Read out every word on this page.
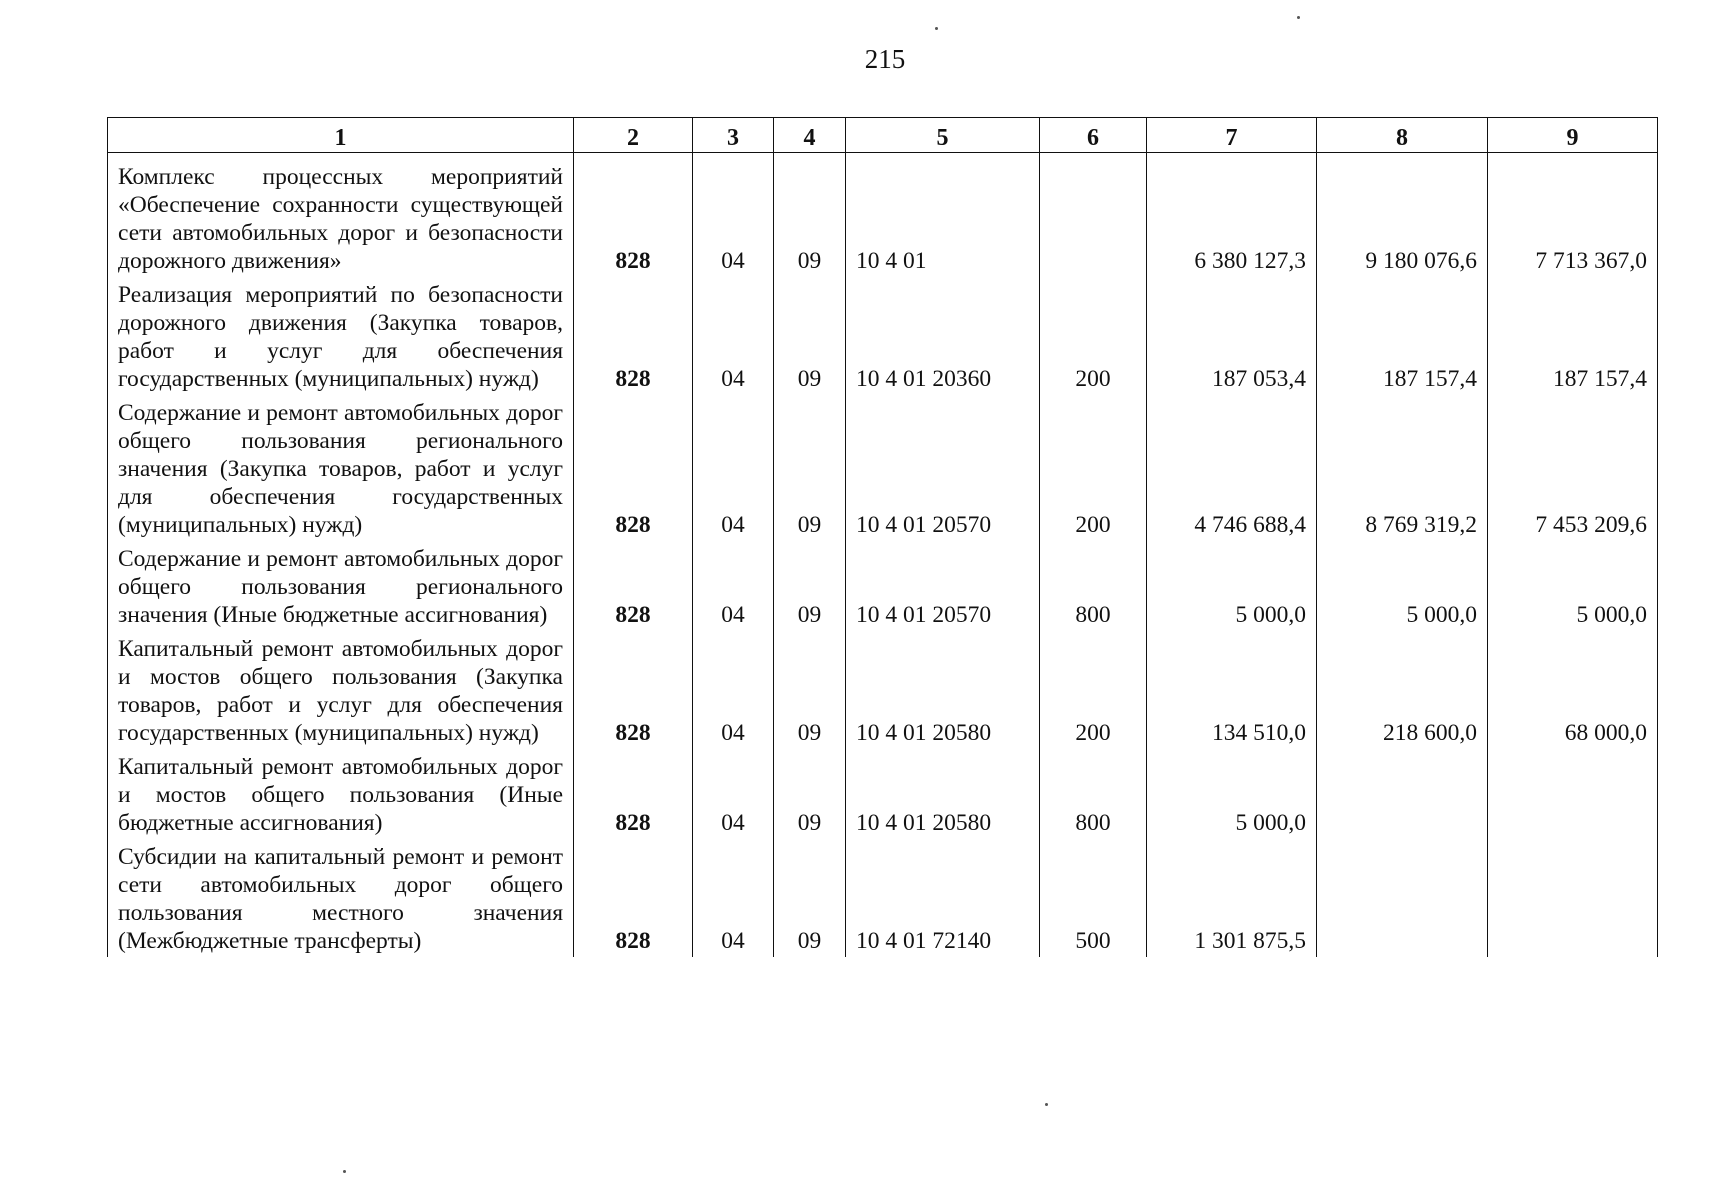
215
1	2	3	4	5	6	7	8	9
Комплекс процессных мероприятий «Обеспечение сохранности существующей сети автомобильных дорог и безопасности дорожного движения»	828	04	09	10 4 01		6 380 127,3	9 180 076,6	7 713 367,0
Реализация мероприятий по безопасности дорожного движения (Закупка товаров, работ и услуг для обеспечения государственных (муниципальных) нужд)	828	04	09	10 4 01 20360	200	187 053,4	187 157,4	187 157,4
Содержание и ремонт автомобильных дорог общего пользования регионального значения (Закупка товаров, работ и услуг для обеспечения государственных (муниципальных) нужд)	828	04	09	10 4 01 20570	200	4 746 688,4	8 769 319,2	7 453 209,6
Содержание и ремонт автомобильных дорог общего пользования регионального значения (Иные бюджетные ассигнования)	828	04	09	10 4 01 20570	800	5 000,0	5 000,0	5 000,0
Капитальный ремонт автомобильных дорог и мостов общего пользования (Закупка товаров, работ и услуг для обеспечения государственных (муниципальных) нужд)	828	04	09	10 4 01 20580	200	134 510,0	218 600,0	68 000,0
Капитальный ремонт автомобильных дорог и мостов общего пользования (Иные бюджетные ассигнования)	828	04	09	10 4 01 20580	800	5 000,0		
Субсидии на капитальный ремонт и ремонт сети автомобильных дорог общего пользования местного значения (Межбюджетные трансферты)	828	04	09	10 4 01 72140	500	1 301 875,5		
